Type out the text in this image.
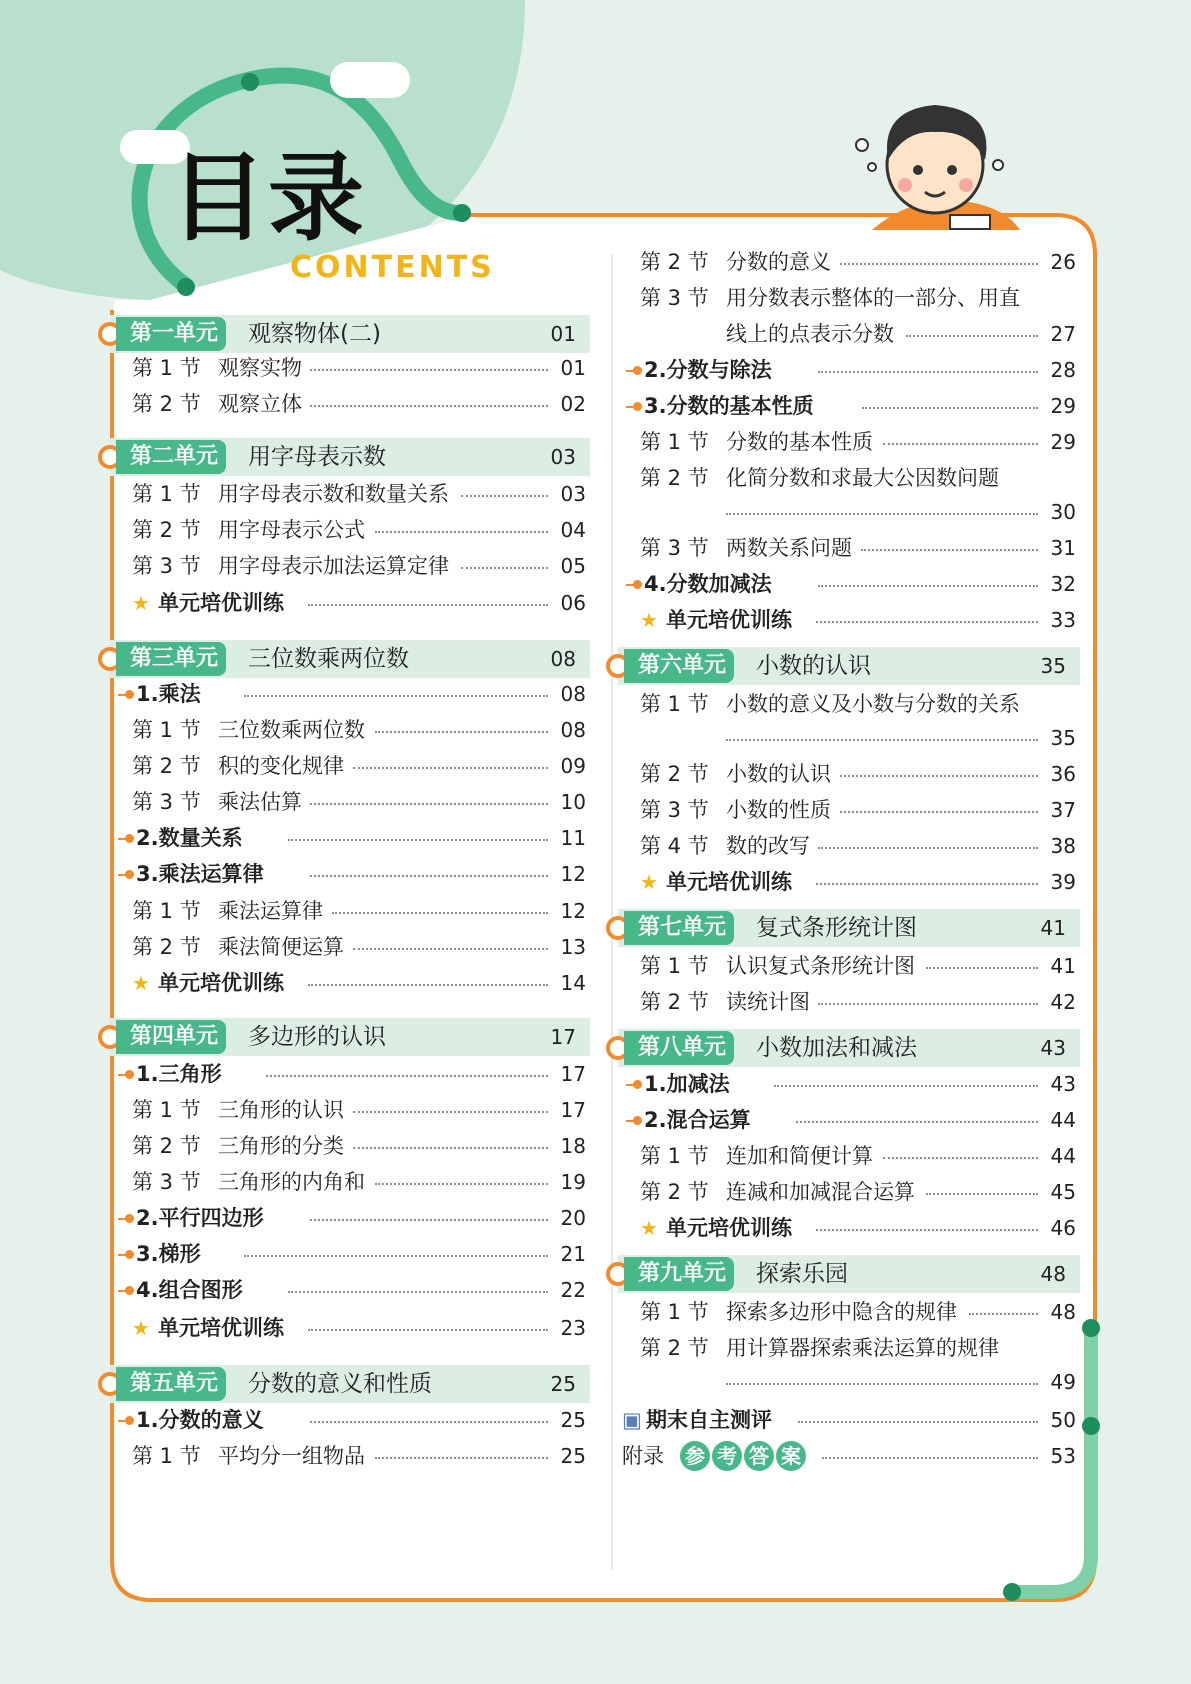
目录
CONTENTS
第一单元	观察物体(二)	01
第 1 节 观察实物	01
第 2 节 观察立体	02
第二单元	用字母表示数	03
第 1 节 用字母表示数和数量关系	03
第 2 节 用字母表示公式	04
第 3 节 用字母表示加法运算定律	05
★ 单元培优训练	06
第三单元	三位数乘两位数	08
1.乘法	08
第 1 节 三位数乘两位数	08
第 2 节 积的变化规律	09
第 3 节 乘法估算	10
2.数量关系	11
3.乘法运算律	12
第 1 节 乘法运算律	12
第 2 节 乘法简便运算	13
★ 单元培优训练	14
第四单元	多边形的认识	17
1.三角形	17
第 1 节 三角形的认识	17
第 2 节 三角形的分类	18
第 3 节 三角形的内角和	19
2.平行四边形	20
3.梯形	21
4.组合图形	22
★ 单元培优训练	23
第五单元	分数的意义和性质	25
1.分数的意义	25
第 1 节 平均分一组物品	25
第 2 节 分数的意义	26
第 3 节 用分数表示整体的一部分、用直
线上的点表示分数	27
2.分数与除法	28
3.分数的基本性质	29
第 1 节 分数的基本性质	29
第 2 节 化简分数和求最大公因数问题
30
第 3 节 两数关系问题	31
4.分数加减法	32
★ 单元培优训练	33
第六单元	小数的认识	35
第 1 节 小数的意义及小数与分数的关系
35
第 2 节 小数的认识	36
第 3 节 小数的性质	37
第 4 节 数的改写	38
★ 单元培优训练	39
第七单元	复式条形统计图	41
第 1 节 认识复式条形统计图	41
第 2 节 读统计图	42
第八单元	小数加法和减法	43
1.加减法	43
2.混合运算	44
第 1 节 连加和简便计算	44
第 2 节 连减和加减混合运算	45
★ 单元培优训练	46
第九单元	探索乐园	48
第 1 节 探索多边形中隐含的规律	48
第 2 节 用计算器探索乘法运算的规律
49
▣ 期末自主测评	50
附录 参 考 答 案	53
